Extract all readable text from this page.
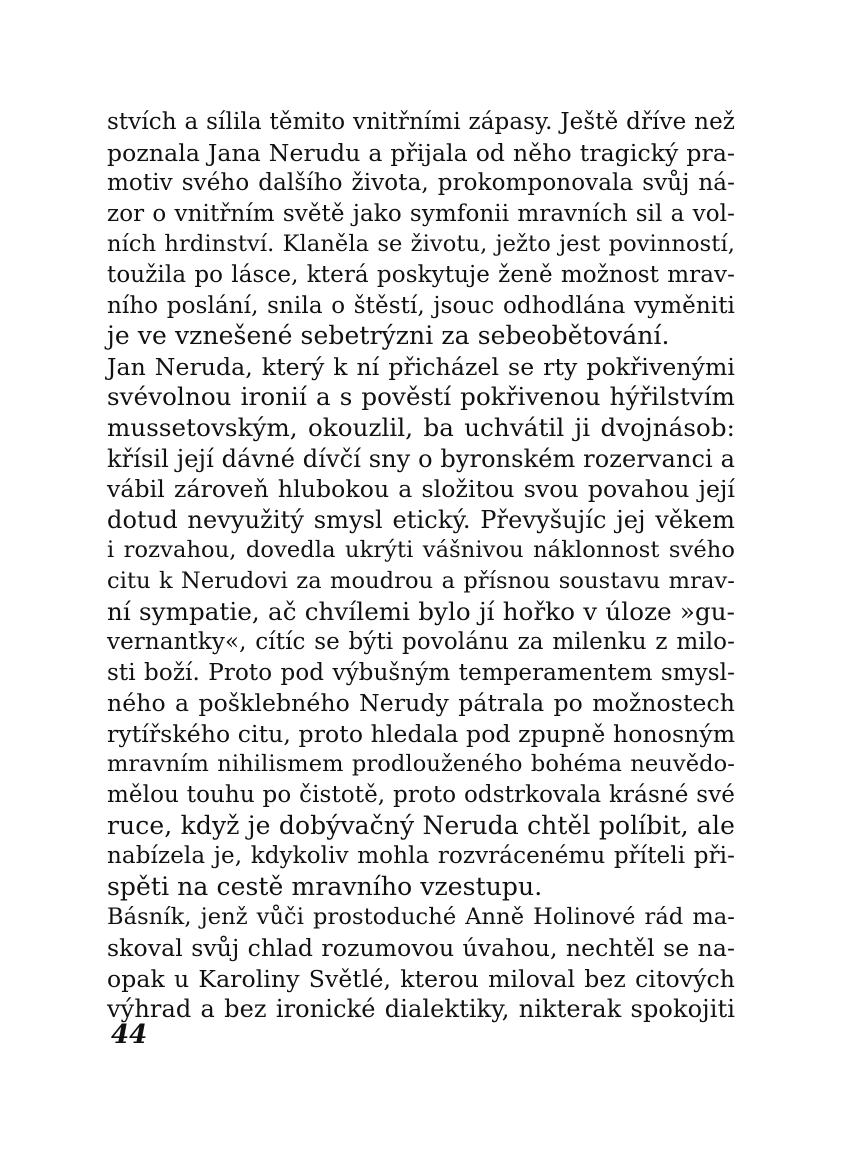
stvích a sílila těmito vnitřními zápasy. Ještě dříve než
poznala Jana Nerudu a přijala od něho tragický pra-
motiv svého dalšího života, prokomponovala svůj ná-
zor o vnitřním světě jako symfonii mravních sil a vol-
ních hrdinství. Klaněla se životu, ježto jest povinností,
toužila po lásce, která poskytuje ženě možnost mrav-
ního poslání, snila o štěstí, jsouc odhodlána vyměniti
je ve vznešené sebetrýzni za sebeobětování.
Jan Neruda, který k ní přicházel se rty pokřivenými
svévolnou ironií a s pověstí pokřivenou hýřilstvím
mussetovským, okouzlil, ba uchvátil ji dvojnásob:
křísil její dávné dívčí sny o byronském rozervanci a
vábil zároveň hlubokou a složitou svou povahou její
dotud nevyužitý smysl etický. Převyšujíc jej věkem
i rozvahou, dovedla ukrýti vášnivou náklonnost svého
citu k Nerudovi za moudrou a přísnou soustavu mrav-
ní sympatie, ač chvílemi bylo jí hořko v úloze »gu-
vernantky«, cítíc se býti povolánu za milenku z milo-
sti boží. Proto pod výbušným temperamentem smysl-
ného a pošklebného Nerudy pátrala po možnostech
rytířského citu, proto hledala pod zpupně honosným
mravním nihilismem prodlouženého bohéma neuvědo-
mělou touhu po čistotě, proto odstrkovala krásné své
ruce, když je dobývačný Neruda chtěl políbit, ale
nabízela je, kdykoliv mohla rozvrácenému příteli při-
spěti na cestě mravního vzestupu.
Básník, jenž vůči prostoduché Anně Holinové rád ma-
skoval svůj chlad rozumovou úvahou, nechtěl se na-
opak u Karoliny Světlé, kterou miloval bez citových
výhrad a bez ironické dialektiky, nikterak spokojiti
44
